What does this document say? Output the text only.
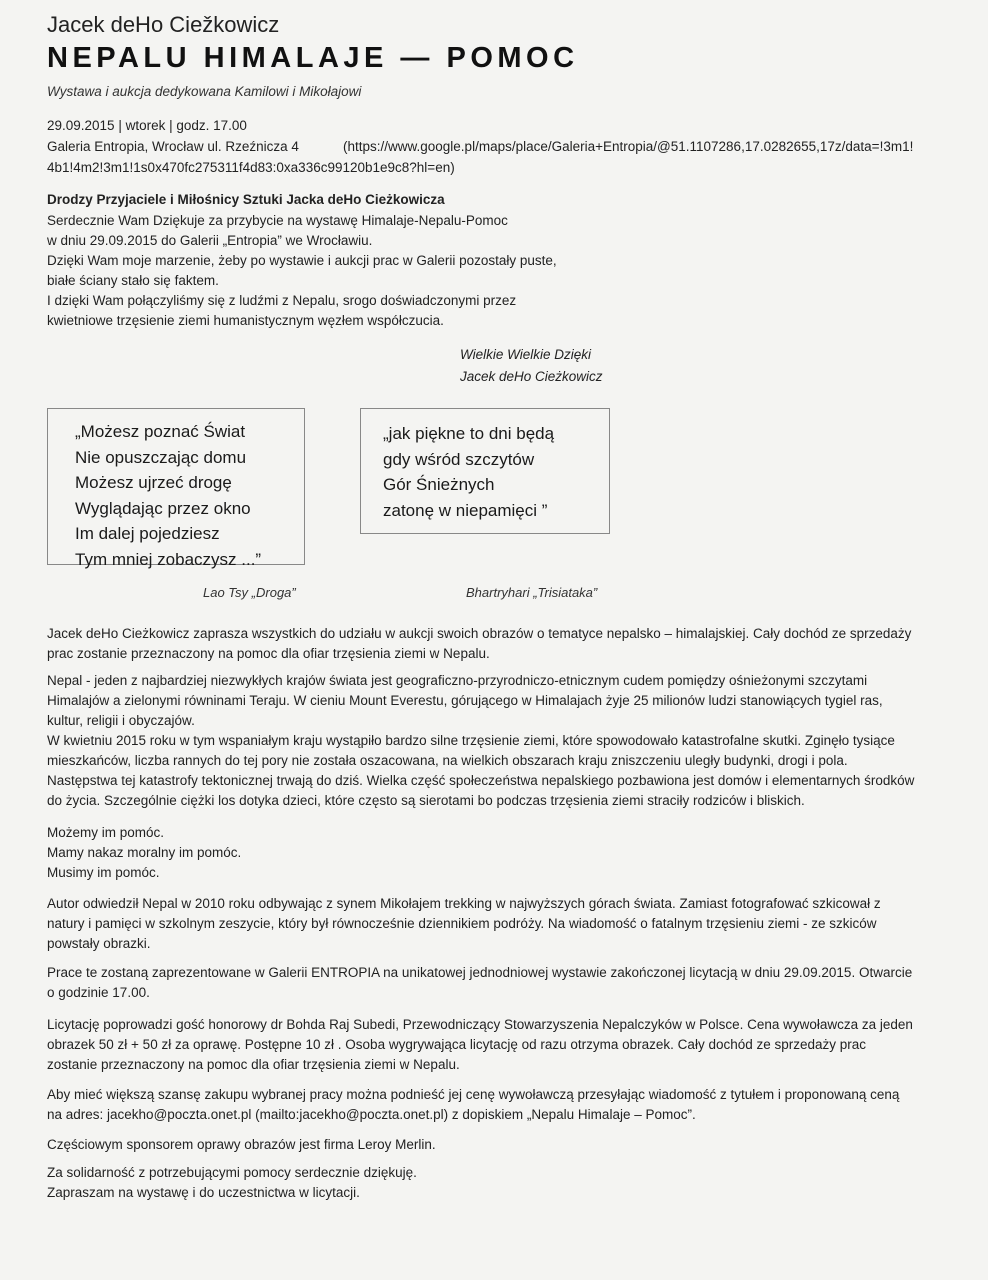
Jacek deHo Ciežkowicz
NEPALU HIMALAJE — POMOC
Wystawa i aukcja dedykowana Kamilowi i Mikołajowi
29.09.2015 | wtorek | godz. 17.00
Galeria Entropia, Wrocław ul. Rzeźnicza 4	(https://www.google.pl/maps/place/Galeria+Entropia/@51.1107286,17.0282655,17z/data=!3m1!
4b1!4m2!3m1!1s0x470fc275311f4d83:0xa336c99120b1e9c8?hl=en)
Drodzy Przyjaciele i Miłośnicy Sztuki Jacka deHo Cieżkowicza
Serdecznie Wam Dziękuje za przybycie na wystawę Himalaje-Nepalu-Pomoc
w dniu 29.09.2015 do Galerii „Entropia” we Wrocławiu.
Dzięki Wam moje marzenie, żeby po wystawie i aukcji prac w Galerii pozostały puste,
białe ściany stało się faktem.
I dzięki Wam połączyliśmy się z ludźmi z Nepalu, srogo doświadczonymi przez
kwietniowe trzęsienie ziemi humanistycznym węzłem współczucia.
Wielkie Wielkie Dzięki
Jacek deHo Cieżkowicz
„Możesz poznać Świat
Nie opuszczając domu
Możesz ujrzeć drogę
Wyglądając przez okno
Im dalej pojedziesz
Tym mniej zobaczysz ...”
Lao Tsy „Droga”
„jak piękne to dni będą
gdy wśród szczytów
Gór Śnieżnych
zatonę w niepamięci ”
Bhartryhari „Trisiataka”
Jacek deHo Cieżkowicz zaprasza wszystkich do udziału w aukcji swoich obrazów o tematyce nepalsko – himalajskiej. Cały dochód ze sprzedaży
prac zostanie przeznaczony na pomoc dla ofiar trzęsienia ziemi w Nepalu.
Nepal - jeden z najbardziej niezwykłych krajów świata jest geograficzno-przyrodniczo-etnicznym cudem pomiędzy ośnieżonymi szczytami
Himalajów a zielonymi równinami Teraju. W cieniu Mount Everestu, górującego w Himalajach żyje 25 milionów ludzi stanowiących tygiel ras,
kultur, religii i obyczajów.
W kwietniu 2015 roku w tym wspaniałym kraju wystąpiło bardzo silne trzęsienie ziemi, które spowodowało katastrofalne skutki. Zginęło tysiące
mieszkańców, liczba rannych do tej pory nie została oszacowana, na wielkich obszarach kraju zniszczeniu uległy budynki, drogi i pola.
Następstwa tej katastrofy tektonicznej trwają do dziś. Wielka część społeczeństwa nepalskiego pozbawiona jest domów i elementarnych środków
do życia. Szczególnie ciężki los dotyka dzieci, które często są sierotami bo podczas trzęsienia ziemi straciły rodziców i bliskich.
Możemy im pomóc.
Mamy nakaz moralny im pomóc.
Musimy im pomóc.
Autor odwiedził Nepal w 2010 roku odbywając z synem Mikołajem trekking w najwyższych górach świata. Zamiast fotografować szkicował z
natury i pamięci w szkolnym zeszycie, który był równocześnie dziennikiem podróży. Na wiadomość o fatalnym trzęsieniu ziemi - ze szkiców
powstały obrazki.
Prace te zostaną zaprezentowane w Galerii ENTROPIA na unikatowej jednodniowej wystawie zakończonej licytacją w dniu 29.09.2015. Otwarcie
o godzinie 17.00.
Licytację poprowadzi gość honorowy dr Bohda Raj Subedi, Przewodniczący Stowarzyszenia Nepalczyków w Polsce. Cena wywoławcza za jeden
obrazek 50 zł + 50 zł za oprawę. Postępne 10 zł . Osoba wygrywająca licytację od razu otrzyma obrazek. Cały dochód ze sprzedaży prac
zostanie przeznaczony na pomoc dla ofiar trzęsienia ziemi w Nepalu.
Aby mieć większą szansę zakupu wybranej pracy można podnieść jej cenę wywoławczą przesyłając wiadomość z tytułem i proponowaną ceną
na adres: jacekho@poczta.onet.pl (mailto:jacekho@poczta.onet.pl) z dopiskiem „Nepalu Himalaje – Pomoc”.
Częściowym sponsorem oprawy obrazów jest firma Leroy Merlin.
Za solidarność z potrzebującymi pomocy serdecznie dziękuję.
Zapraszam na wystawę i do uczestnictwa w licytacji.
